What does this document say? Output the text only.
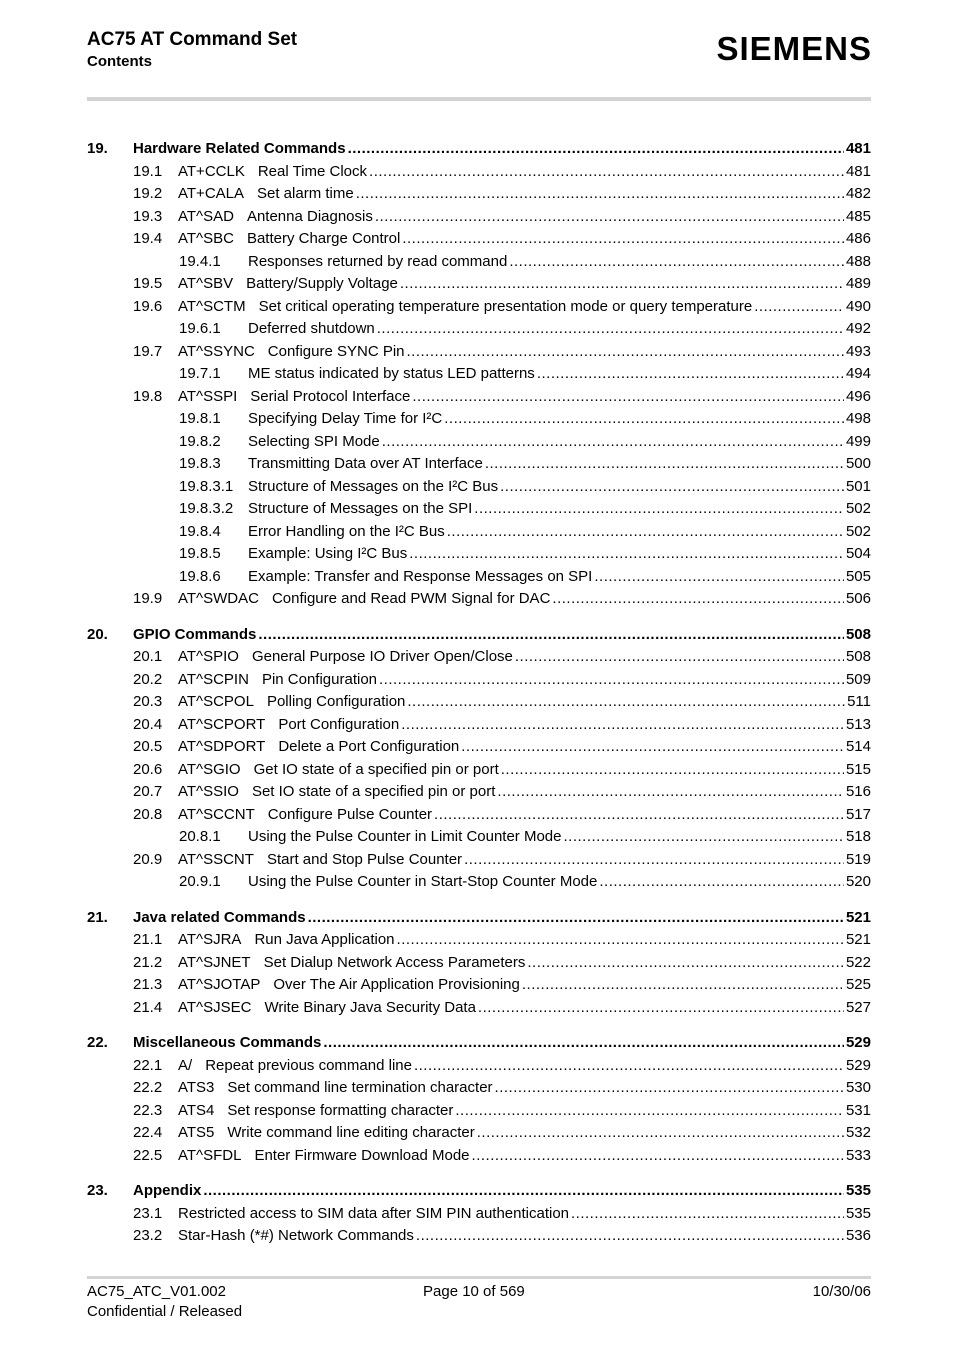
AC75 AT Command Set
Contents	SIEMENS
19.	Hardware Related Commands .....	481
19.1	AT+CCLK Real Time Clock .....	481
19.2	AT+CALA Set alarm time .....	482
19.3	AT^SAD Antenna Diagnosis .....	485
19.4	AT^SBC Battery Charge Control .....	486
19.4.1	Responses returned by read command .....	488
19.5	AT^SBV Battery/Supply Voltage .....	489
19.6	AT^SCTM Set critical operating temperature presentation mode or query temperature .....	490
19.6.1	Deferred shutdown .....	492
19.7	AT^SSYNC Configure SYNC Pin .....	493
19.7.1	ME status indicated by status LED patterns .....	494
19.8	AT^SSPI Serial Protocol Interface .....	496
19.8.1	Specifying Delay Time for I²C .....	498
19.8.2	Selecting SPI Mode .....	499
19.8.3	Transmitting Data over AT Interface .....	500
19.8.3.1 Structure of Messages on the I²C Bus .....	501
19.8.3.2 Structure of Messages on the SPI .....	502
19.8.4	Error Handling on the I²C Bus .....	502
19.8.5	Example: Using I²C Bus .....	504
19.8.6	Example: Transfer and Response Messages on SPI .....	505
19.9	AT^SWDAC Configure and Read PWM Signal for DAC .....	506
20.	GPIO Commands .....	508
20.1	AT^SPIO General Purpose IO Driver Open/Close .....	508
20.2	AT^SCPIN Pin Configuration .....	509
20.3	AT^SCPOL Polling Configuration .....	511
20.4	AT^SCPORT Port Configuration .....	513
20.5	AT^SDPORT Delete a Port Configuration .....	514
20.6	AT^SGIO Get IO state of a specified pin or port .....	515
20.7	AT^SSIO Set IO state of a specified pin or port .....	516
20.8	AT^SCCNT Configure Pulse Counter .....	517
20.8.1	Using the Pulse Counter in Limit Counter Mode .....	518
20.9	AT^SSCNT Start and Stop Pulse Counter .....	519
20.9.1	Using the Pulse Counter in Start-Stop Counter Mode .....	520
21.	Java related Commands .....	521
21.1	AT^SJRA Run Java Application .....	521
21.2	AT^SJNET Set Dialup Network Access Parameters .....	522
21.3	AT^SJOTAP Over The Air Application Provisioning .....	525
21.4	AT^SJSEC Write Binary Java Security Data .....	527
22.	Miscellaneous Commands .....	529
22.1	A/ Repeat previous command line .....	529
22.2	ATS3 Set command line termination character .....	530
22.3	ATS4 Set response formatting character .....	531
22.4	ATS5 Write command line editing character .....	532
22.5	AT^SFDL Enter Firmware Download Mode .....	533
23.	Appendix .....	535
23.1	Restricted access to SIM data after SIM PIN authentication .....	535
23.2	Star-Hash (*#) Network Commands .....	536
AC75_ATC_V01.002
Confidential / Released
Page 10 of 569	10/30/06
